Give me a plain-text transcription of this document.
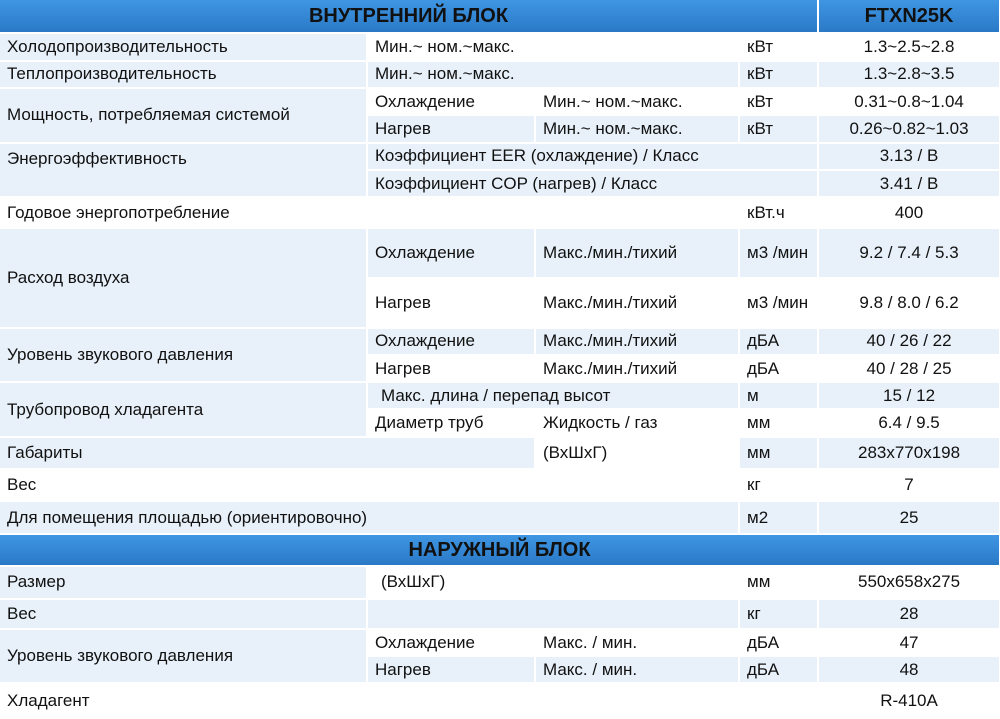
ВНУТРЕННИЙ БЛОК				FTXN25K
Холодопроизводительность	Мин.~ ном.~макс.		кВт	1.3~2.5~2.8
Теплопроизводительность	Мин.~ ном.~макс.		кВт	1.3~2.8~3.5
Мощность, потребляемая системой	Охлаждение	Мин.~ ном.~макс.	кВт	0.31~0.8~1.04
	Нагрев	Мин.~ ном.~макс.	кВт	0.26~0.82~1.03
Энергоэффективность	Коэффициент EER (охлаждение) / Класс			3.13 / B
	Коэффициент COP (нагрев) / Класс			3.41 / B
Годовое энергопотребление			кВт.ч	400
Расход воздуха	Охлаждение	Макс./мин./тихий	м3 /мин	9.2 / 7.4 / 5.3
	Нагрев	Макс./мин./тихий	м3 /мин	9.8 / 8.0 / 6.2
Уровень звукового давления	Охлаждение	Макс./мин./тихий	дБА	40 / 26 / 22
	Нагрев	Макс./мин./тихий	дБА	40 / 28 / 25
Трубопровод хладагента	Макс. длина / перепад высот		м	15 / 12
	Диаметр труб	Жидкость / газ	мм	6.4 / 9.5
Габариты		(ВхШхГ)	мм	283x770x198
Вес			кг	7
Для помещения площадью (ориентировочно)			м2	25
НАРУЖНЫЙ БЛОК				
Размер	(ВхШхГ)		мм	550x658x275
Вес			кг	28
Уровень звукового давления	Охлаждение	Макс. / мин.	дБА	47
	Нагрев	Макс. / мин.	дБА	48
Хладагент				R-410A
